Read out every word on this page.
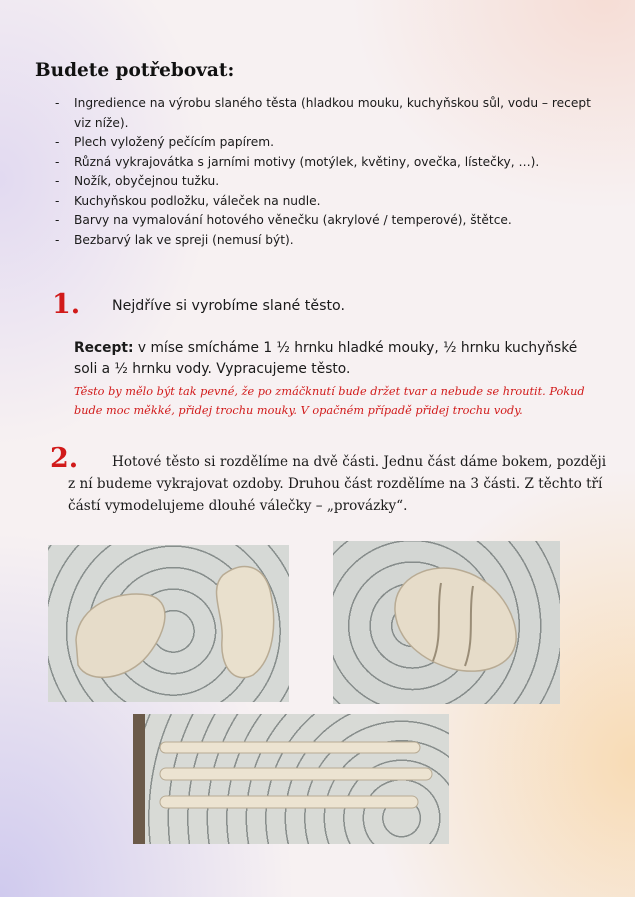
Budete potřebovat:
- Ingredience na výrobu slaného těsta (hladkou mouku, kuchyňskou sůl, vodu – recept viz níže).
- Plech vyložený pečícím papírem.
- Různá vykrajovátka s jarními motivy (motýlek, květiny, ovečka, lístečky, …).
- Nožík, obyčejnou tužku.
- Kuchyňskou podložku, váleček na nudle.
- Barvy na vymalování hotového věnečku (akrylové / temperové), štětce.
- Bezbarvý lak ve spreji (nemusí být).
1. Nejdříve si vyrobíme slané těsto.

Recept: v míse smícháme 1 ½ hrnku hladké mouky, ½ hrnku kuchyňské soli a ½ hrnku vody. Vypracujeme těsto.

Těsto by mělo být tak pevné, že po zmáčknutí bude držet tvar a nebude se hroutit. Pokud bude moc měkké, přidej trochu mouky. V opačném případě přidej trochu vody.

2.	Hotové těsto si rozdělíme na dvě části. Jednu část dáme bokem, později z ní budeme vykrajovat ozdoby. Druhou část rozdělíme na 3 části. Z těchto tří částí vymodelujeme dlouhé válečky – „provázky“.
